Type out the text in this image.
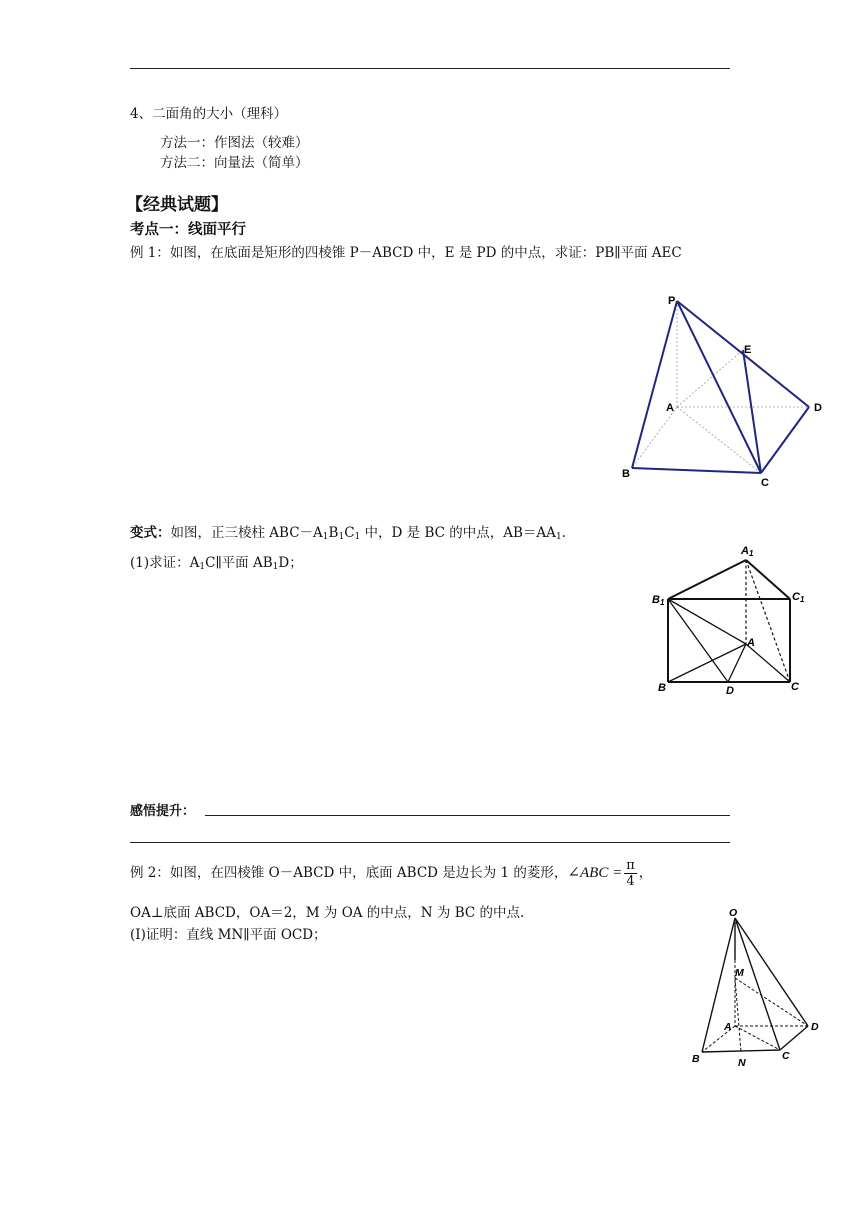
4、二面角的大小（理科）
方法一：作图法（较难）
方法二：向量法（简单）
【经典试题】
考点一：线面平行
例 1：如图，在底面是矩形的四棱锥 P－ABCD 中，E 是 PD 的中点，求证：PB∥平面 AEC
P
E
A	D
B
C
变式：如图，正三棱柱 $ABC-A_1B_1C_1$ 中，D 是 BC 的中点，$AB=AA_1$.
(1)求证：$A_1C\parallel$平面 $AB_1D$；
A1
B1	C1
A
B	D	C
感悟提升：
例 2：如图，在四棱锥 O－ABCD 中，底面 ABCD 是边长为 1 的菱形，∠ABC = $\frac{\pi}{4}$ ，
OA⊥底面 ABCD，OA＝2，M 为 OA 的中点，N 为 BC 的中点.
(Ⅰ)证明：直线 MN∥平面 OCD；
O
M
A	D
B	N
C
